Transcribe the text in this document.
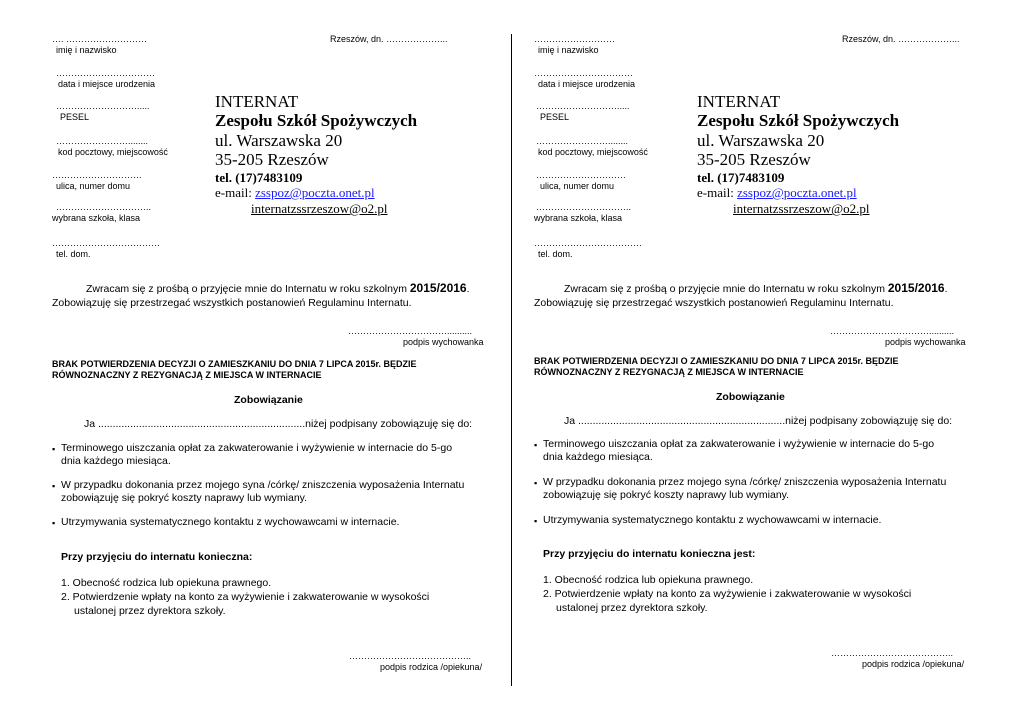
Rzeszów, dn. ………………...
…. ………………………
imię i nazwisko
……………………………
data i miejsce urodzenia
……………………….....
PESEL
……………………........
kod pocztowy, miejscowość
…………………………
ulica, numer domu
…………………………..
wybrana szkoła, klasa
………………………………
tel. dom.
INTERNAT
Zespołu Szkół Spożywczych
ul. Warszawska 20
35-205 Rzeszów
tel. (17)7483109
e-mail: zsspoz@poczta.onet.pl
internatzssrzeszow@o2.pl
Zwracam się z prośbą o przyjęcie mnie do Internatu w roku szkolnym 2015/2016.
Zobowiązuję się przestrzegać wszystkich postanowień Regulaminu Internatu.
……………………………..........
podpis wychowanka
BRAK POTWIERDZENIA DECYZJI O ZAMIESZKANIU DO DNIA 7 LIPCA 2015r. BĘDZIE
RÓWNOZNACZNY Z REZYGNACJĄ Z MIEJSCA W INTERNACIE
Zobowiązanie
Ja .......................................................................niżej podpisany zobowiązuję się do:
▪ Terminowego uiszczania opłat za zakwaterowanie i wyżywienie w internacie do 5-go
dnia każdego miesiąca.
▪ W przypadku dokonania przez mojego syna /córkę/ zniszczenia wyposażenia Internatu
zobowiązuję się pokryć koszty naprawy lub wymiany.
▪ Utrzymywania systematycznego kontaktu z wychowawcami w internacie.
Przy przyjęciu do internatu konieczna:
1. Obecność rodzica lub opiekuna prawnego.
2. Potwierdzenie wpłaty na konto za wyżywienie i zakwaterowanie w wysokości
ustalonej przez dyrektora szkoły.
…………………………………..
podpis rodzica /opiekuna/
Rzeszów, dn. ………………...
………………………
imię i nazwisko
……………………………
data i miejsce urodzenia
……………………….....
PESEL
……………………........
kod pocztowy, miejscowość
…………………………
ulica, numer domu
…………………………..
wybrana szkoła, klasa
………………………………
tel. dom.
INTERNAT
Zespołu Szkół Spożywczych
ul. Warszawska 20
35-205 Rzeszów
tel. (17)7483109
e-mail: zsspoz@poczta.onet.pl
internatzssrzeszow@o2.pl
Zwracam się z prośbą o przyjęcie mnie do Internatu w roku szkolnym 2015/2016.
Zobowiązuję się przestrzegać wszystkich postanowień Regulaminu Internatu.
……………………………..........
podpis wychowanka
BRAK POTWIERDZENIA DECYZJI O ZAMIESZKANIU DO DNIA 7 LIPCA 2015r. BĘDZIE
RÓWNOZNACZNY Z REZYGNACJĄ Z MIEJSCA W INTERNACIE
Zobowiązanie
Ja .......................................................................niżej podpisany zobowiązuję się do:
▪ Terminowego uiszczania opłat za zakwaterowanie i wyżywienie w internacie do 5-go
dnia każdego miesiąca.
▪ W przypadku dokonania przez mojego syna /córkę/ zniszczenia wyposażenia Internatu
zobowiązuję się pokryć koszty naprawy lub wymiany.
▪ Utrzymywania systematycznego kontaktu z wychowawcami w internacie.
Przy przyjęciu do internatu konieczna jest:
1. Obecność rodzica lub opiekuna prawnego.
2. Potwierdzenie wpłaty na konto za wyżywienie i zakwaterowanie w wysokości
ustalonej przez dyrektora szkoły.
…………………………………..
podpis rodzica /opiekuna/
